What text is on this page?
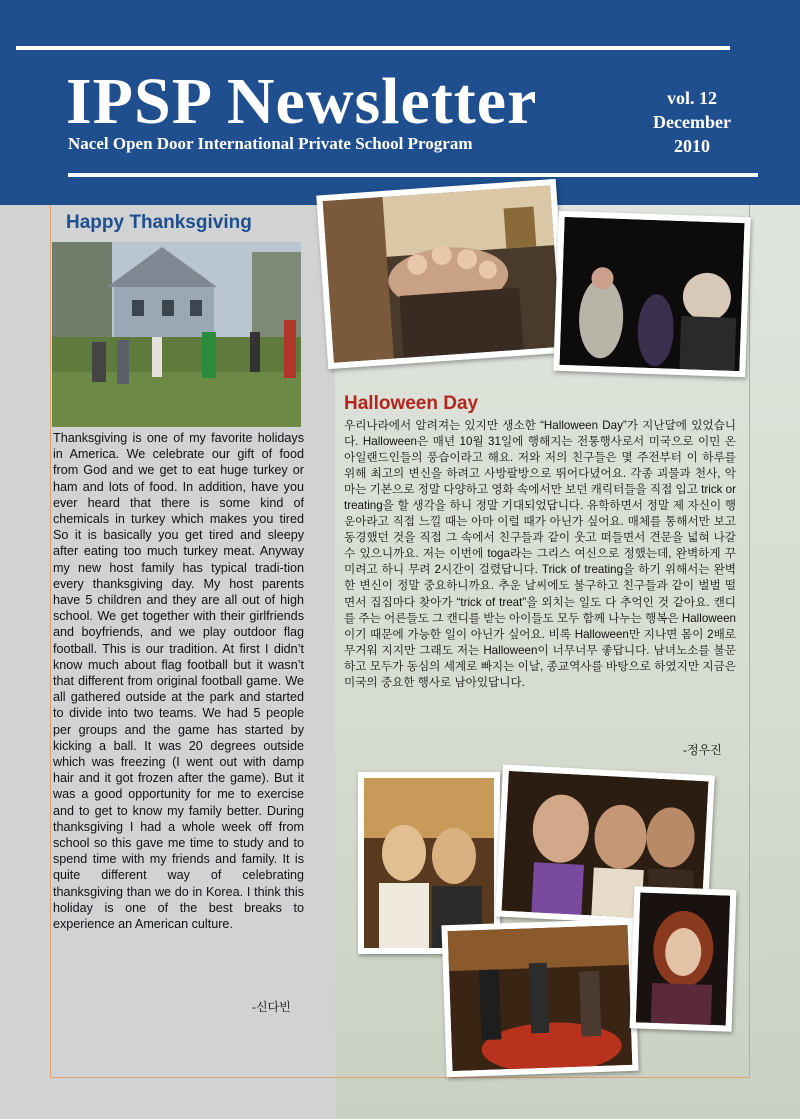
IPSP Newsletter
Nacel Open Door International Private School Program
vol. 12
December
2010
Happy Thanksgiving

Thanksgiving is one of my favorite holidays in America. We celebrate our gift of food from God and we get to eat huge turkey or ham and lots of food. In addition, have you ever heard that there is some kind of chemicals in turkey which makes you tired So it is basically you get tired and sleepy after eating too much turkey meat. Anyway my new host family has typical tradi-tion every thanksgiving day. My host parents have 5 children and they are all out of high school. We get together with their girlfriends and boyfriends, and we play outdoor flag football. This is our tradition. At first I didn’t know much about flag football but it wasn’t that different from original football game. We all gathered outside at the park and started to divide into two teams. We had 5 people per groups and the game has started by kicking a ball. It was 20 degrees outside which was freezing (I went out with damp hair and it got frozen after the game). But it was a good opportunity for me to exercise and to get to know my family better. During thanksgiving I had a whole week off from school so this gave me time to study and to spend time with my friends and family. It is quite different way of celebrating thanksgiving than we do in Korea. I think this holiday is one of the best breaks to experience an American culture.

-신다빈
Halloween Day

우리나라에서 알려져는 있지만 생소한 “Halloween Day”가 지난달에 있었습니다. Halloween은 매년 10월 31일에 행해지는 전통행사로서 미국으로 이민 온 아일랜드인들의 풍습이라고 해요. 저와 저의 친구들은 몇 주전부터 이 하루를 위해 최고의 변신을 하려고 사방팔방으로 뛰어다녔어요. 각종 괴물과 천사, 악마는 기본으로 정말 다양하고 영화 속에서만 보던 캐릭터들을 직접 입고 trick or treating을 할 생각을 하니 정말 기대되었답니다. 유학하면서 정말 제 자신이 행운아라고 직접 느낄 때는 아마 이럴 때가 아닌가 싶어요. 매체를 통해서만 보고 동경했던 것을 직접 그 속에서 친구들과 같이 웃고 떠들면서 견문을 넓혀 나갈 수 있으니까요. 저는 이번에 toga라는 그리스 여신으로 정했는데, 완벽하게 꾸미려고 하니 무려 2시간이 걸렸답니다. Trick of treating을 하기 위해서는 완벽한 변신이 정말 중요하니까요. 추운 날씨에도 불구하고 친구들과 같이 벌벌 떨면서 집집마다 찾아가 “trick of treat”을 외치는 일도 다 추억인 것 같아요. 캔디를 주는 어른들도 그 캔디를 받는 아이들도 모두 함께 나누는 행복은 Halloween이기 때문에 가능한 일이 아닌가 싶어요. 비록 Halloween만 지나면 몸이 2배로 무거워 지지만 그래도 저는 Halloween이 너무너무 좋답니다. 남녀노소를 불문하고 모두가 동심의 세계로 빠지는 이날, 종교역사를 바탕으로 하였지만 지금은 미국의 중요한 행사로 남아있답니다.

-정우진
